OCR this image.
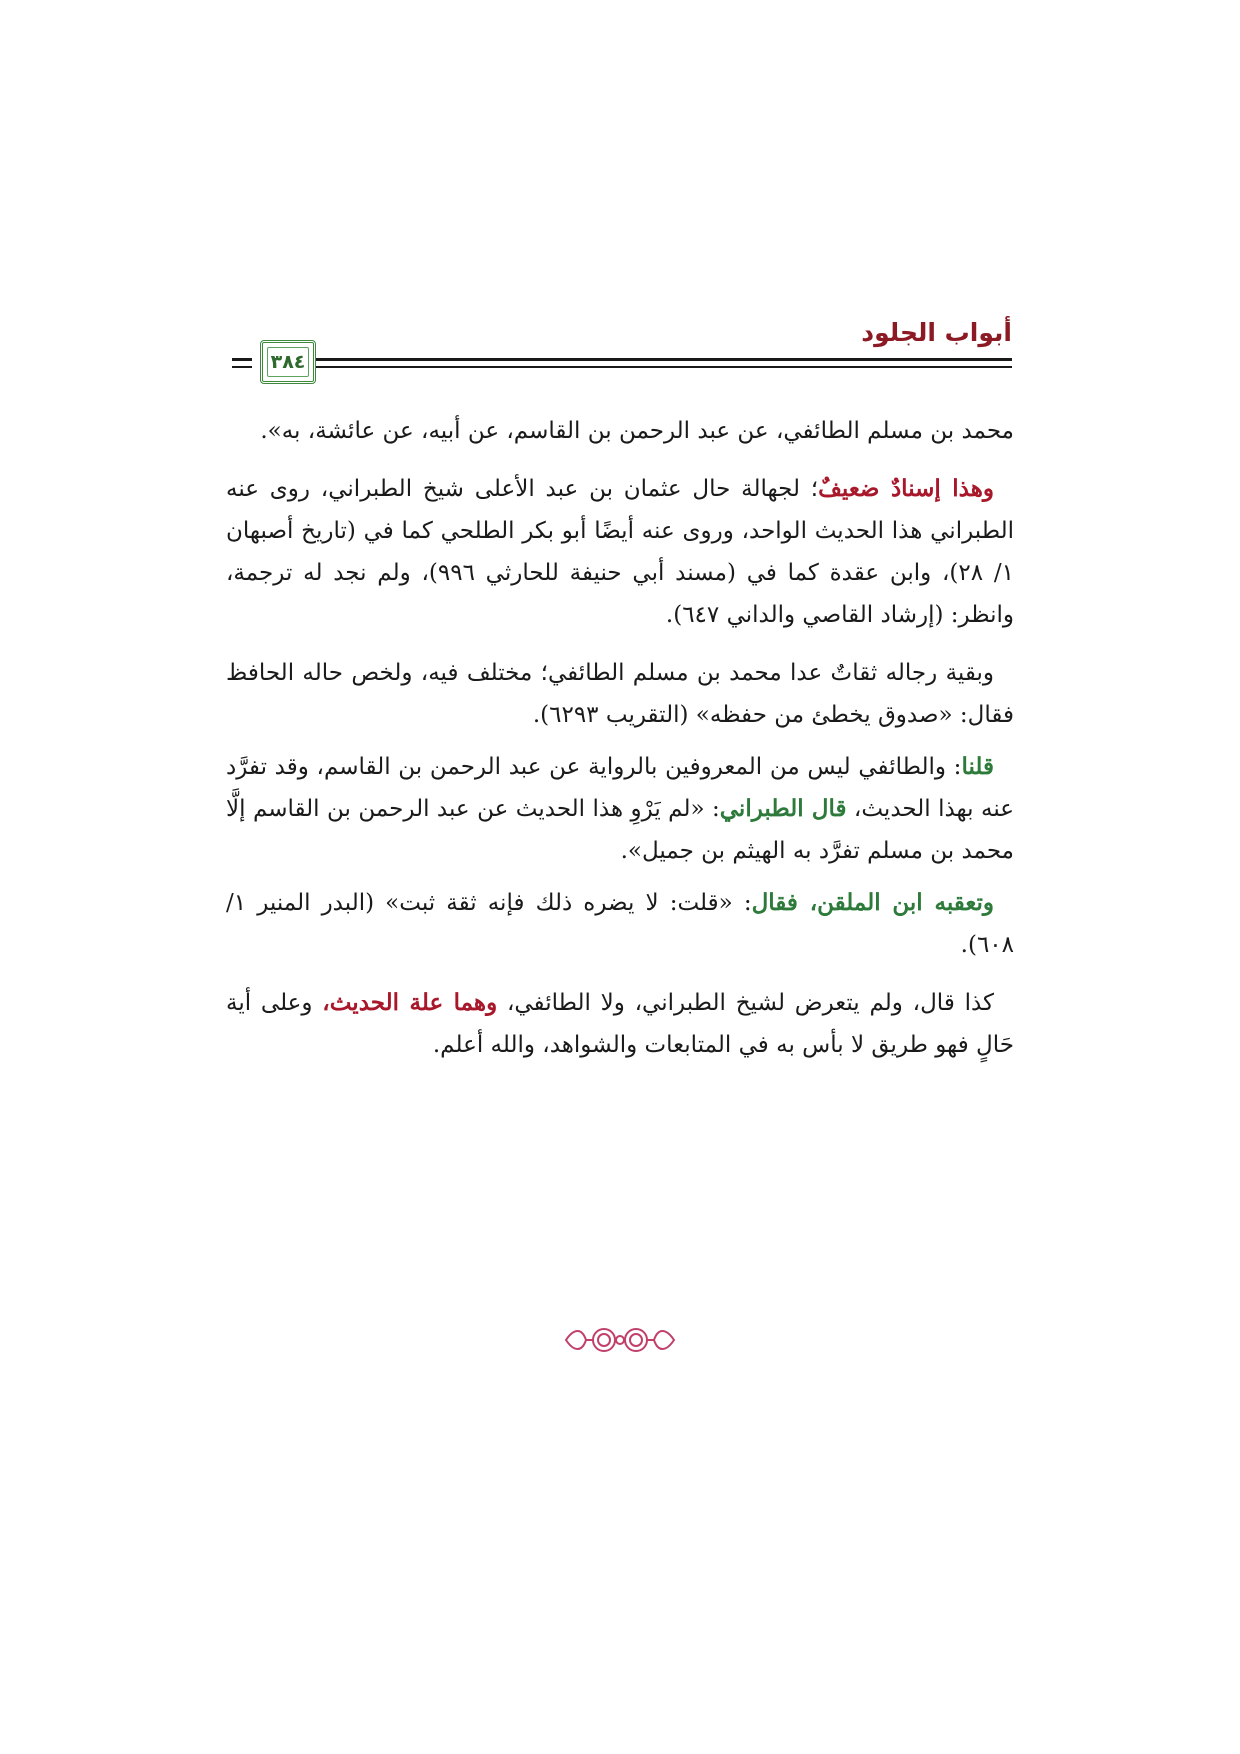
أبواب الجلود
٣٨٤

محمد بن مسلم الطائفي، عن عبد الرحمن بن القاسم، عن أبيه، عن عائشة، به».

وهذا إسنادٌ ضعيفٌ؛ لجهالة حال عثمان بن عبد الأعلى شيخ الطبراني، روى عنه الطبراني هذا الحديث الواحد، وروى عنه أيضًا أبو بكر الطلحي كما في (تاريخ أصبهان ١/ ٢٨)، وابن عقدة كما في (مسند أبي حنيفة للحارثي ٩٩٦)، ولم نجد له ترجمة، وانظر: (إرشاد القاصي والداني ٦٤٧).

وبقية رجاله ثقاتٌ عدا محمد بن مسلم الطائفي؛ مختلف فيه، ولخص حاله الحافظ فقال: «صدوق يخطئ من حفظه» (التقريب ٦٢٩٣).

قلنا: والطائفي ليس من المعروفين بالرواية عن عبد الرحمن بن القاسم، وقد تفرَّد عنه بهذا الحديث، قال الطبراني: «لم يَرْوِ هذا الحديث عن عبد الرحمن بن القاسم إلَّا محمد بن مسلم تفرَّد به الهيثم بن جميل».

وتعقبه ابن الملقن، فقال: «قلت: لا يضره ذلك فإنه ثقة ثبت» (البدر المنير ١/ ٦٠٨).

كذا قال، ولم يتعرض لشيخ الطبراني، ولا الطائفي، وهما علة الحديث، وعلى أية حَالٍ فهو طريق لا بأس به في المتابعات والشواهد، والله أعلم.
